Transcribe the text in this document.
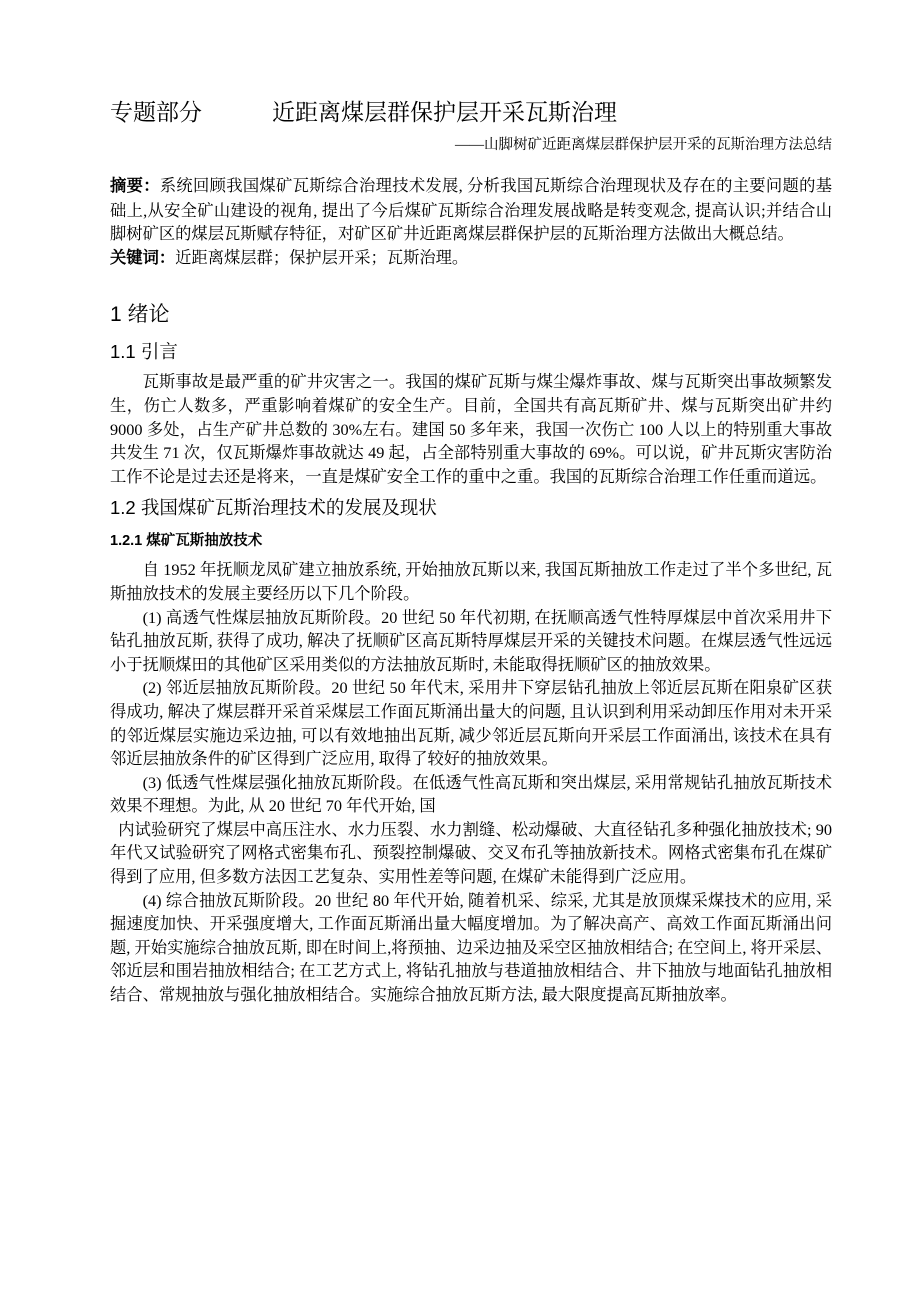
专题部分	近距离煤层群保护层开采瓦斯治理
——山脚树矿近距离煤层群保护层开采的瓦斯治理方法总结
摘要：系统回顾我国煤矿瓦斯综合治理技术发展, 分析我国瓦斯综合治理现状及存在的主要问题的基础上,从安全矿山建设的视角, 提出了今后煤矿瓦斯综合治理发展战略是转变观念, 提高认识;并结合山脚树矿区的煤层瓦斯赋存特征，对矿区矿井近距离煤层群保护层的瓦斯治理方法做出大概总结。
关键词：近距离煤层群；保护层开采；瓦斯治理。
1 绪论
1.1 引言

瓦斯事故是最严重的矿井灾害之一。我国的煤矿瓦斯与煤尘爆炸事故、煤与瓦斯突出事故频繁发生，伤亡人数多，严重影响着煤矿的安全生产。目前，全国共有高瓦斯矿井、煤与瓦斯突出矿井约 9000 多处，占生产矿井总数的 30%左右。建国 50 多年来，我国一次伤亡 100 人以上的特别重大事故共发生 71 次，仅瓦斯爆炸事故就达 49 起，占全部特别重大事故的 69%。可以说，矿井瓦斯灾害防治工作不论是过去还是将来，一直是煤矿安全工作的重中之重。我国的瓦斯综合治理工作任重而道远。

1.2 我国煤矿瓦斯治理技术的发展及现状
1.2.1 煤矿瓦斯抽放技术

自 1952 年抚顺龙凤矿建立抽放系统, 开始抽放瓦斯以来, 我国瓦斯抽放工作走过了半个多世纪, 瓦斯抽放技术的发展主要经历以下几个阶段。

(1) 高透气性煤层抽放瓦斯阶段。20 世纪 50 年代初期, 在抚顺高透气性特厚煤层中首次采用井下钻孔抽放瓦斯, 获得了成功, 解决了抚顺矿区高瓦斯特厚煤层开采的关键技术问题。在煤层透气性远远小于抚顺煤田的其他矿区采用类似的方法抽放瓦斯时, 未能取得抚顺矿区的抽放效果。

(2) 邻近层抽放瓦斯阶段。20 世纪 50 年代末, 采用井下穿层钻孔抽放上邻近层瓦斯在阳泉矿区获得成功, 解决了煤层群开采首采煤层工作面瓦斯涌出量大的问题, 且认识到利用采动卸压作用对未开采的邻近煤层实施边采边抽, 可以有效地抽出瓦斯, 减少邻近层瓦斯向开采层工作面涌出, 该技术在具有邻近层抽放条件的矿区得到广泛应用, 取得了较好的抽放效果。

(3) 低透气性煤层强化抽放瓦斯阶段。在低透气性高瓦斯和突出煤层, 采用常规钻孔抽放瓦斯技术效果不理想。为此, 从 20 世纪 70 年代开始, 国

内试验研究了煤层中高压注水、水力压裂、水力割缝、松动爆破、大直径钻孔多种强化抽放技术; 90 年代又试验研究了网格式密集布孔、预裂控制爆破、交叉布孔等抽放新技术。网格式密集布孔在煤矿得到了应用, 但多数方法因工艺复杂、实用性差等问题, 在煤矿未能得到广泛应用。

(4) 综合抽放瓦斯阶段。20 世纪 80 年代开始, 随着机采、综采, 尤其是放顶煤采煤技术的应用, 采掘速度加快、开采强度增大, 工作面瓦斯涌出量大幅度增加。为了解决高产、高效工作面瓦斯涌出问题, 开始实施综合抽放瓦斯, 即在时间上,将预抽、边采边抽及采空区抽放相结合; 在空间上, 将开采层、邻近层和围岩抽放相结合; 在工艺方式上, 将钻孔抽放与巷道抽放相结合、井下抽放与地面钻孔抽放相结合、常规抽放与强化抽放相结合。实施综合抽放瓦斯方法, 最大限度提高瓦斯抽放率。
